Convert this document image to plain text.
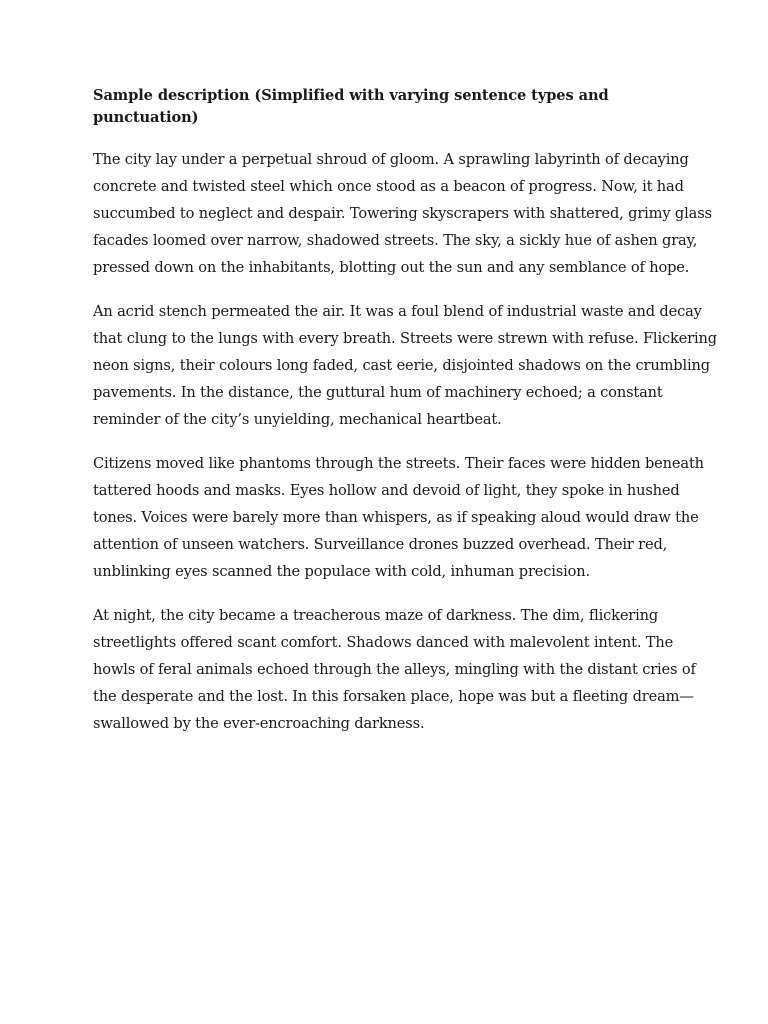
Sample description (Simplified with varying sentence types and punctuation)

The city lay under a perpetual shroud of gloom. A sprawling labyrinth of decaying
concrete and twisted steel which once stood as a beacon of progress. Now, it had
succumbed to neglect and despair. Towering skyscrapers with shattered, grimy glass
facades loomed over narrow, shadowed streets. The sky, a sickly hue of ashen gray,
pressed down on the inhabitants, blotting out the sun and any semblance of hope.

An acrid stench permeated the air. It was a foul blend of industrial waste and decay
that clung to the lungs with every breath. Streets were strewn with refuse. Flickering
neon signs, their colours long faded, cast eerie, disjointed shadows on the crumbling
pavements. In the distance, the guttural hum of machinery echoed; a constant
reminder of the city’s unyielding, mechanical heartbeat.

Citizens moved like phantoms through the streets. Their faces were hidden beneath
tattered hoods and masks. Eyes hollow and devoid of light, they spoke in hushed
tones. Voices were barely more than whispers, as if speaking aloud would draw the
attention of unseen watchers. Surveillance drones buzzed overhead. Their red,
unblinking eyes scanned the populace with cold, inhuman precision.

At night, the city became a treacherous maze of darkness. The dim, flickering
streetlights offered scant comfort. Shadows danced with malevolent intent. The
howls of feral animals echoed through the alleys, mingling with the distant cries of
the desperate and the lost. In this forsaken place, hope was but a fleeting dream—
swallowed by the ever-encroaching darkness.
